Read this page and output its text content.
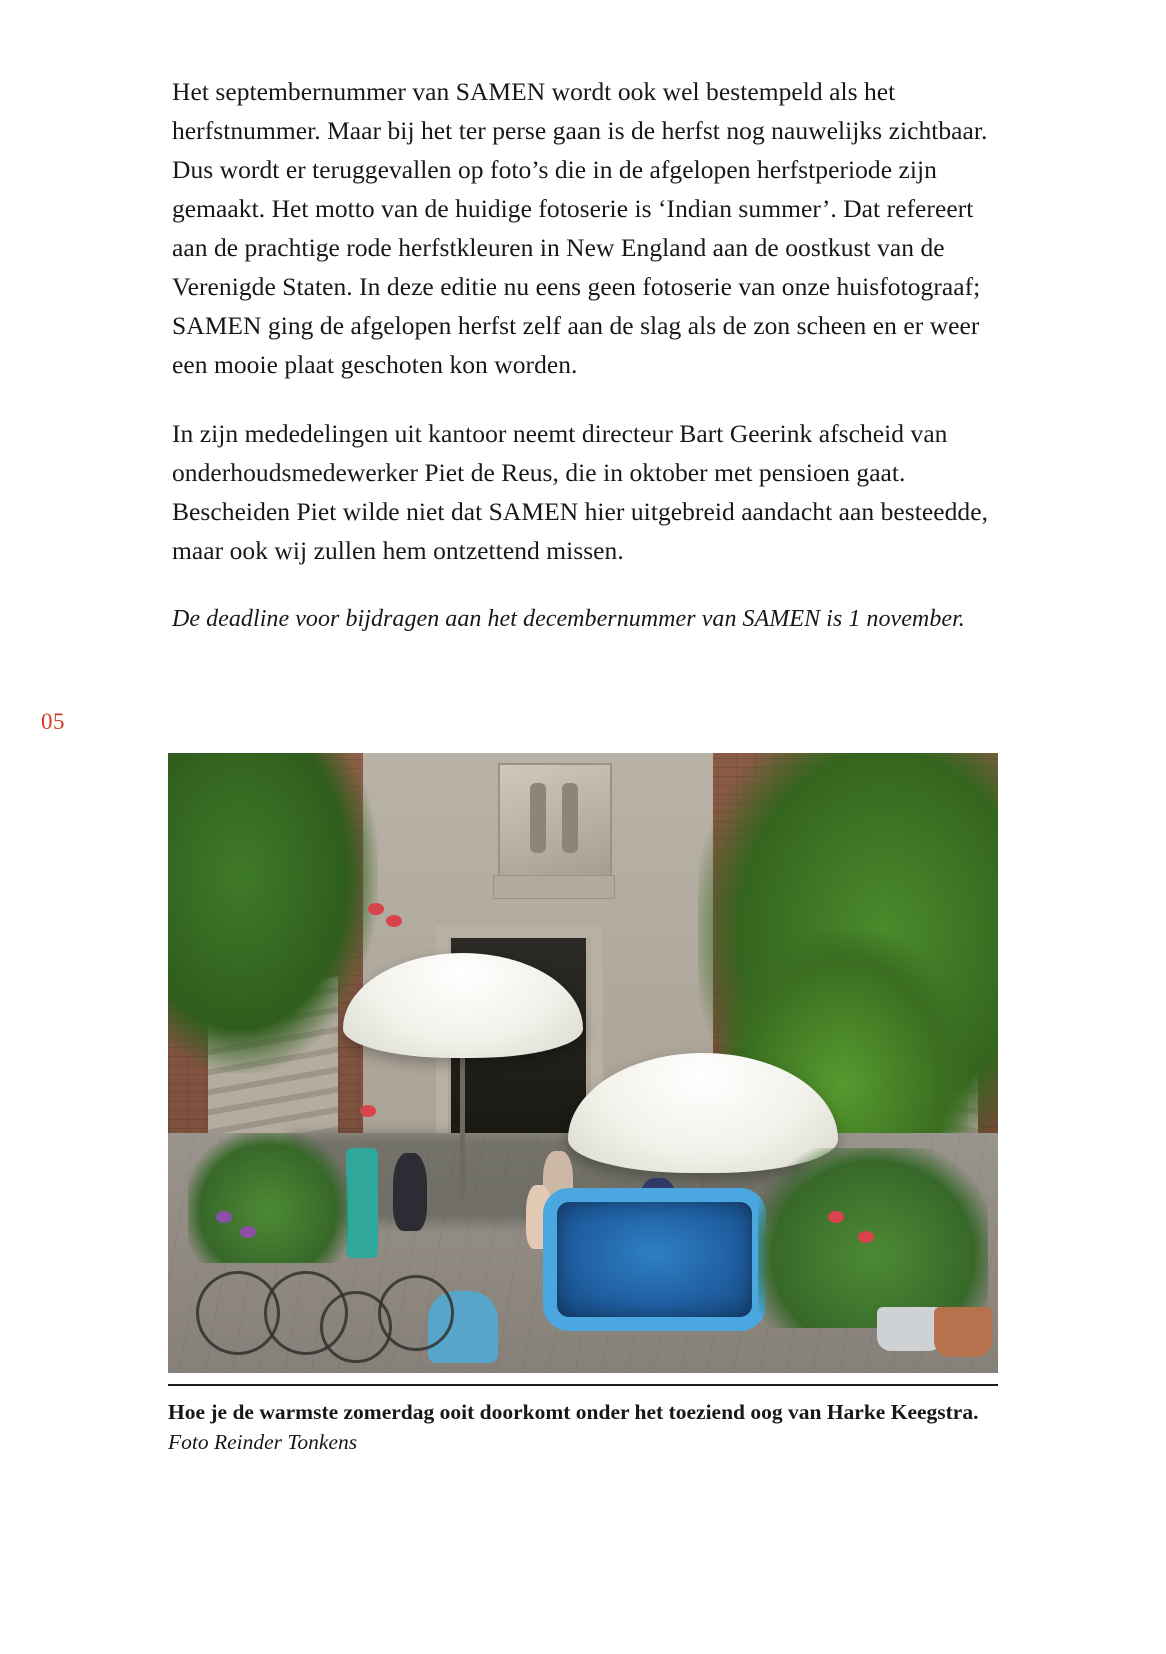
Het septembernummer van SAMEN wordt ook wel bestempeld als het herfstnummer. Maar bij het ter perse gaan is de herfst nog nauwelijks zichtbaar. Dus wordt er teruggevallen op foto’s die in de afgelopen herfstperiode zijn gemaakt. Het motto van de huidige fotoserie is ‘Indian summer’. Dat refereert aan de prachtige rode herfstkleuren in New England aan de oostkust van de Verenigde Staten. In deze editie nu eens geen fotoserie van onze huisfotograaf; SAMEN ging de afgelopen herfst zelf aan de slag als de zon scheen en er weer een mooie plaat geschoten kon worden.

In zijn mededelingen uit kantoor neemt directeur Bart Geerink afscheid van onderhoudsmedewerker Piet de Reus, die in oktober met pensioen gaat. Bescheiden Piet wilde niet dat SAMEN hier uitgebreid aandacht aan besteedde, maar ook wij zullen hem ontzettend missen.

De deadline voor bijdragen aan het decembernummer van SAMEN is 1 november.

05
Hoe je de warmste zomerdag ooit doorkomt onder het toeziend oog van Harke Keegstra. Foto Reinder Tonkens
